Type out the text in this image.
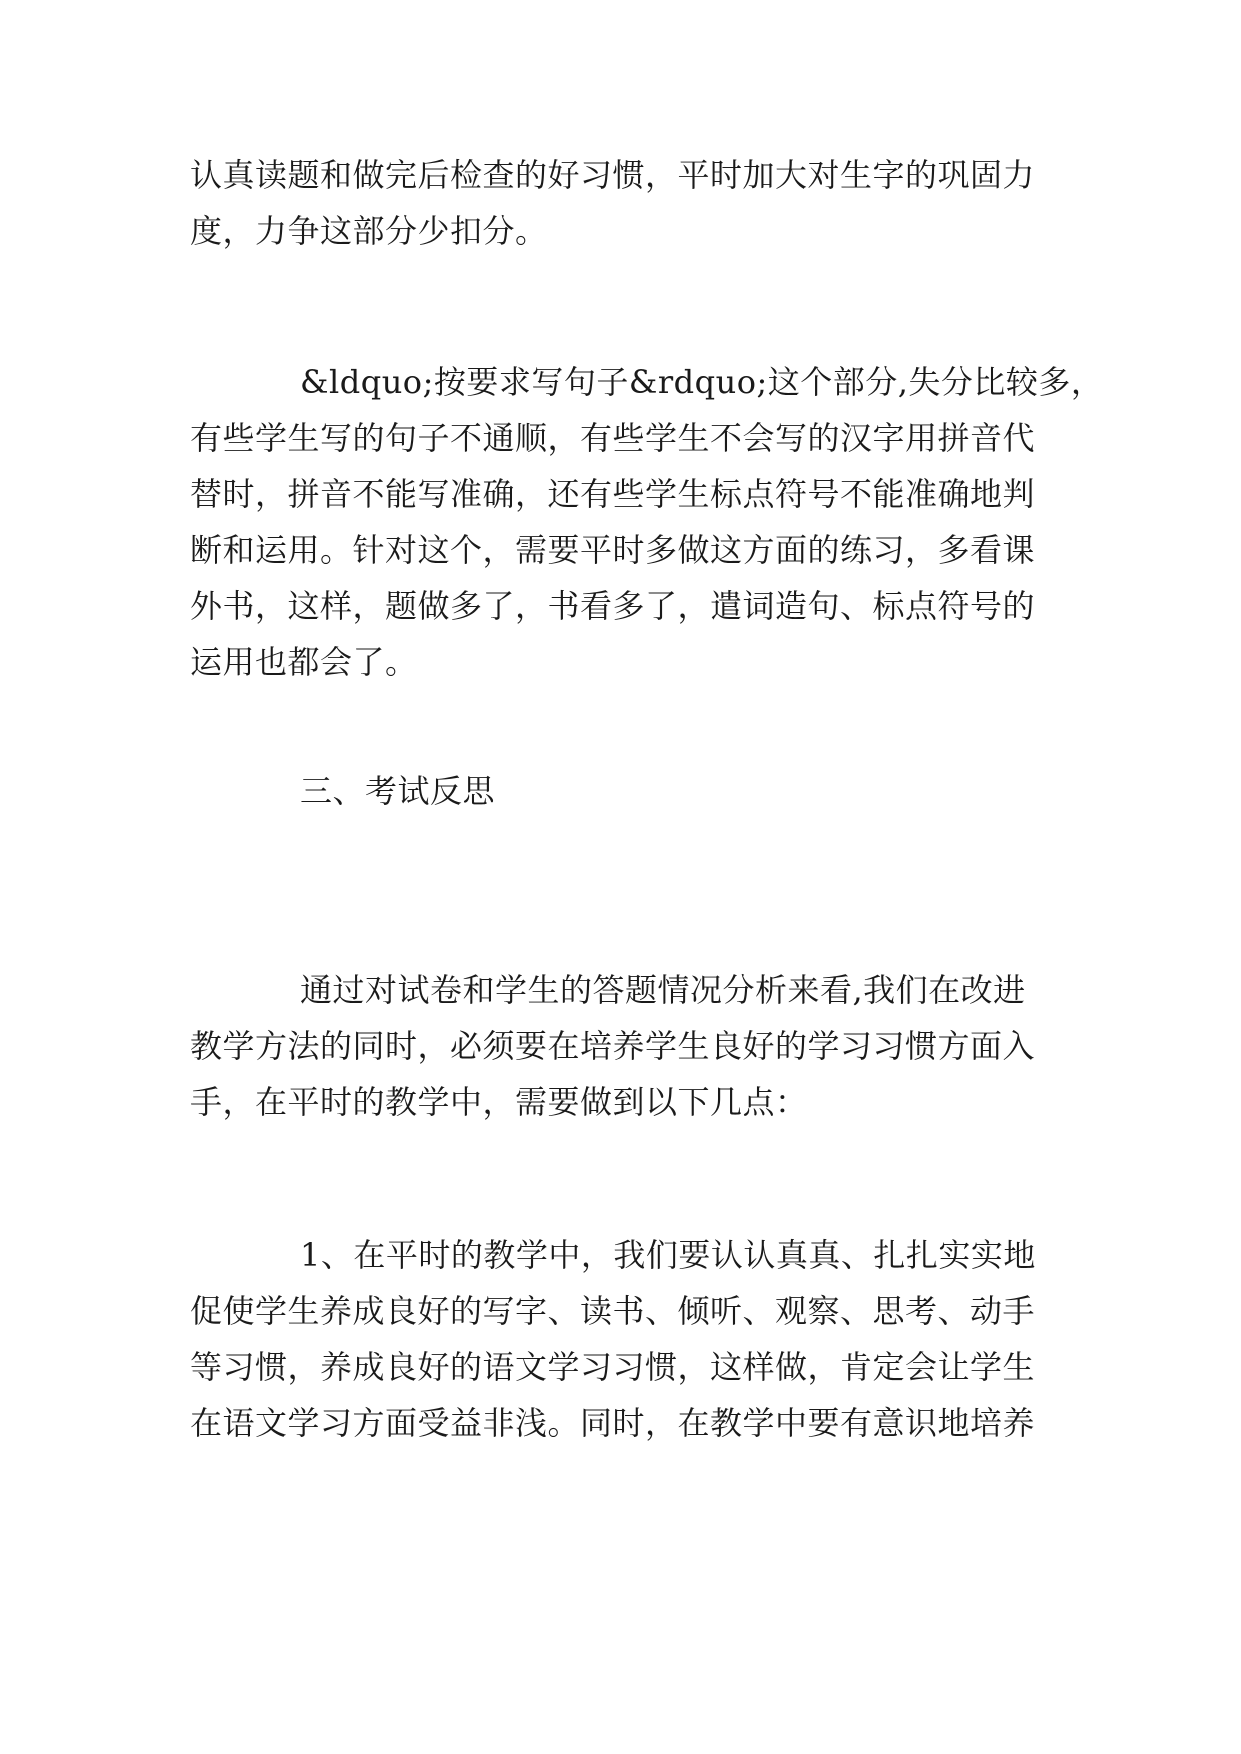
认真读题和做完后检查的好习惯，平时加大对生字的巩固力
度，力争这部分少扣分。
&ldquo;按要求写句子&rdquo;这个部分,失分比较多，
有些学生写的句子不通顺，有些学生不会写的汉字用拼音代
替时，拼音不能写准确，还有些学生标点符号不能准确地判
断和运用。针对这个，需要平时多做这方面的练习，多看课
外书，这样，题做多了，书看多了，遣词造句、标点符号的
运用也都会了。
三、考试反思
通过对试卷和学生的答题情况分析来看,我们在改进
教学方法的同时，必须要在培养学生良好的学习习惯方面入
手，在平时的教学中，需要做到以下几点：
1、在平时的教学中，我们要认认真真、扎扎实实地
促使学生养成良好的写字、读书、倾听、观察、思考、动手
等习惯，养成良好的语文学习习惯，这样做，肯定会让学生
在语文学习方面受益非浅。同时，在教学中要有意识地培养
